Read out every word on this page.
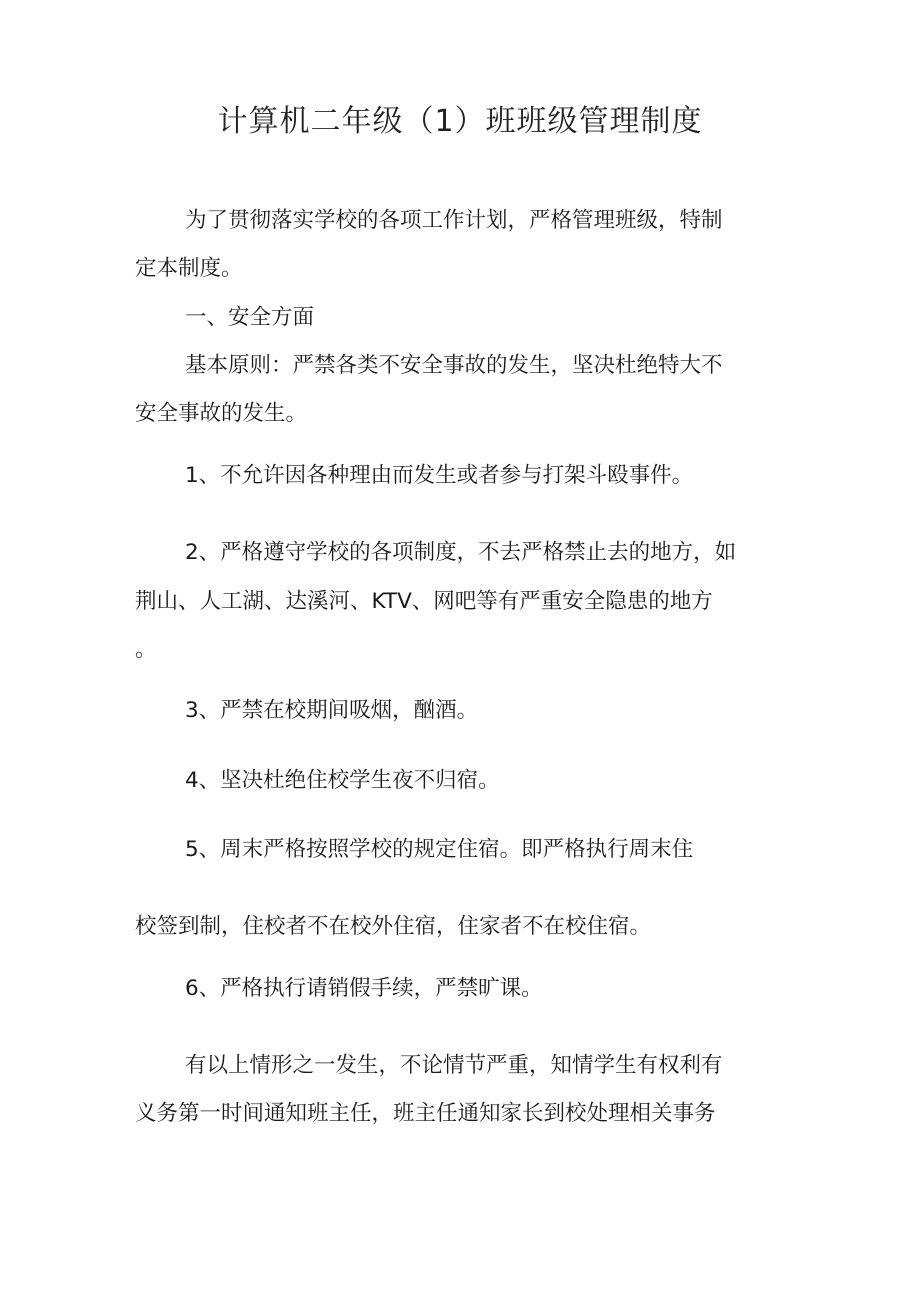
计算机二年级（1）班班级管理制度
为了贯彻落实学校的各项工作计划，严格管理班级，特制
定本制度。
一、安全方面
基本原则：严禁各类不安全事故的发生，坚决杜绝特大不
安全事故的发生。
1、不允许因各种理由而发生或者参与打架斗殴事件。
2、严格遵守学校的各项制度，不去严格禁止去的地方，如
荆山、人工湖、达溪河、KTV、网吧等有严重安全隐患的地方
。
3、严禁在校期间吸烟，酗酒。
4、坚决杜绝住校学生夜不归宿。
5、周末严格按照学校的规定住宿。即严格执行周末住
校签到制，住校者不在校外住宿，住家者不在校住宿。
6、严格执行请销假手续，严禁旷课。
有以上情形之一发生，不论情节严重，知情学生有权利有
义务第一时间通知班主任，班主任通知家长到校处理相关事务
